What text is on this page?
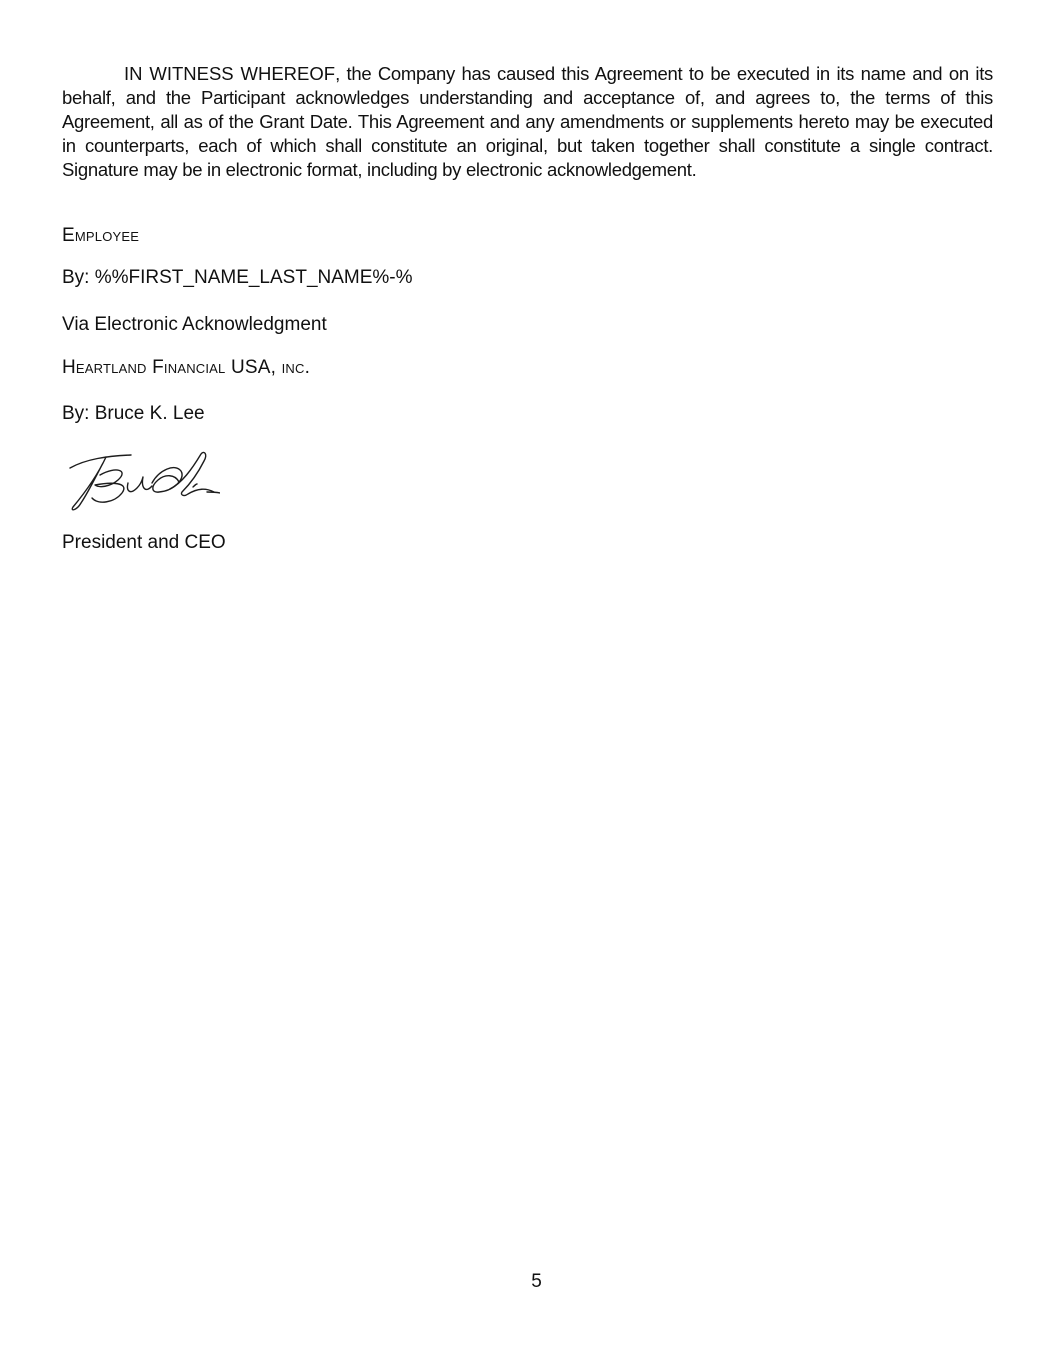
IN WITNESS WHEREOF, the Company has caused this Agreement to be executed in its name and on its behalf, and the Participant acknowledges understanding and acceptance of, and agrees to, the terms of this Agreement, all as of the Grant Date. This Agreement and any amendments or supplements hereto may be executed in counterparts, each of which shall constitute an original, but taken together shall constitute a single contract. Signature may be in electronic format, including by electronic acknowledgement.

Employee

By: %%FIRST_NAME_LAST_NAME%-%

Via Electronic Acknowledgment

Heartland Financial USA, inc.

By: Bruce K. Lee

President and CEO

5
